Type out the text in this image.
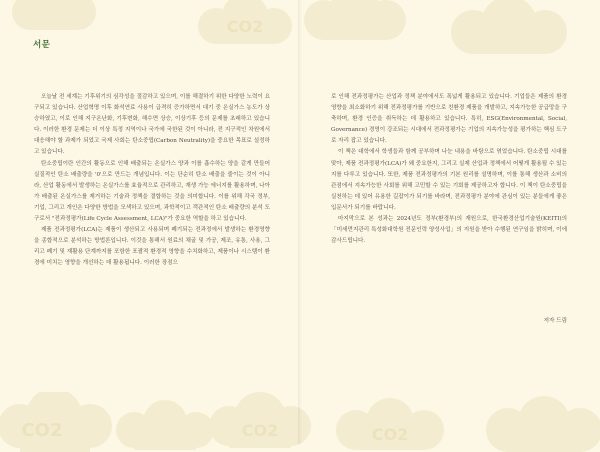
CO2
CO2	CO2	CO2
서문

오늘날 전 세계는 기후위기의 심각성을 절감하고 있으며, 이를 해결하기 위한 다양한 노력이 요구되고 있습니다. 산업혁명 이후 화석연료 사용이 급격히 증가하면서 대기 중 온실가스 농도가 상승하였고, 이로 인해 지구온난화, 기후변화, 해수면 상승, 이상기후 등의 문제를 초래하고 있습니다. 이러한 환경 문제는 더 이상 특정 지역이나 국가에 국한된 것이 아니라, 전 지구적인 차원에서 대응해야 할 과제가 되었고 국제 사회는 탄소중립(Carbon Neutrality)을 중요한 목표로 설정하고 있습니다.

탄소중립이란 인간의 활동으로 인해 배출되는 온실가스 양과 이를 흡수하는 양을 같게 만들어 실질적인 탄소 배출량을 '0'으로 만드는 개념입니다. 이는 단순히 탄소 배출을 줄이는 것이 아니라, 산업 활동에서 발생하는 온실가스를 효율적으로 관리하고, 재생 가능 에너지를 활용하며, 나아가 배출된 온실가스를 제거하는 기술과 정책을 결합하는 것을 의미합니다. 이를 위해 각국 정부, 기업, 그리고 개인은 다양한 방법을 모색하고 있으며, 과학적이고 객관적인 탄소 배출량의 분석 도구로서 "전과정평가(Life Cycle Assessment, LCA)"가 중요한 역할을 하고 있습니다.

제품 전과정평가(LCA)는 제품이 생산되고 사용되며 폐기되는 전과정에서 발생하는 환경영향을 종합적으로 분석하는 방법론입니다. 이것을 통해서 원료의 채굴 및 가공, 제조, 유통, 사용, 그리고 폐기 및 재활용 단계까지를 포함한 포괄적 환경적 영향을 수치화하고, 제품이나 시스템이 환경에 미치는 영향을 개선하는 데 활용됩니다. 이러한 장점으

로 인해 전과정평가는 산업과 정책 분야에서도 폭넓게 활용되고 있습니다. 기업들은 제품의 환경영향을 최소화하기 위해 전과정평가를 기반으로 친환경 제품을 개발하고, 지속가능한 공급망을 구축하며, 환경 인증을 취득하는 데 활용하고 있습니다. 특히, ESG(Environmental, Social, Governance) 경영이 강조되는 시대에서 전과정평가는 기업의 지속가능성을 평가하는 핵심 도구로 자리 잡고 있습니다.

이 책은 대학에서 학생들과 함께 공부하며 나눈 내용을 바탕으로 엮었습니다. 탄소중립 시대를 맞아, 제품 전과정평가(LCA)가 왜 중요한지, 그리고 실제 산업과 정책에서 어떻게 활용될 수 있는지를 다루고 있습니다. 또한, 제품 전과정평가의 기본 원리를 설명하며, 이를 통해 생산과 소비의 관점에서 지속가능한 사회를 위해 고민할 수 있는 기회를 제공하고자 합니다. 이 책이 탄소중립을 실천하는 데 있어 유용한 길잡이가 되기를 바라며, 전과정평가 분야에 관심이 있는 분들에게 좋은 입문서가 되기를 바랍니다.

마지막으로 본 성과는 2024년도 정부(환경부)의 재원으로, 한국환경산업기술원(KEITI)의 「미세먼지관리 특성화대학원 전문인력 양성사업」의 지원을 받아 수행된 연구임을 밝히며, 이에 감사드립니다.

저자 드림
